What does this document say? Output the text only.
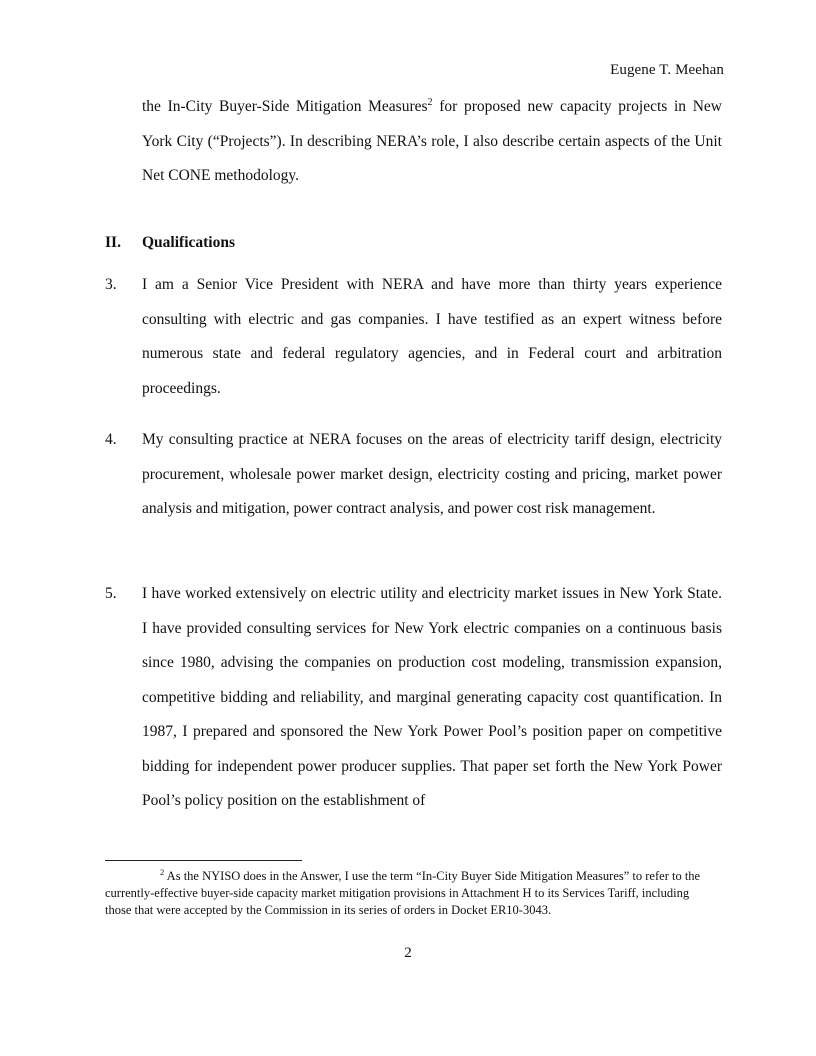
Eugene T. Meehan
the In-City Buyer-Side Mitigation Measures$^2$ for proposed new capacity projects in New York City (“Projects”). In describing NERA’s role, I also describe certain aspects of the Unit Net CONE methodology.
II. Qualifications
3. I am a Senior Vice President with NERA and have more than thirty years experience consulting with electric and gas companies. I have testified as an expert witness before numerous state and federal regulatory agencies, and in Federal court and arbitration proceedings.
4. My consulting practice at NERA focuses on the areas of electricity tariff design, electricity procurement, wholesale power market design, electricity costing and pricing, market power analysis and mitigation, power contract analysis, and power cost risk management.
5. I have worked extensively on electric utility and electricity market issues in New York State. I have provided consulting services for New York electric companies on a continuous basis since 1980, advising the companies on production cost modeling, transmission expansion, competitive bidding and reliability, and marginal generating capacity cost quantification. In 1987, I prepared and sponsored the New York Power Pool’s position paper on competitive bidding for independent power producer supplies. That paper set forth the New York Power Pool’s policy position on the establishment of
$^2$ As the NYISO does in the Answer, I use the term “In-City Buyer Side Mitigation Measures” to refer to the currently-effective buyer-side capacity market mitigation provisions in Attachment H to its Services Tariff, including those that were accepted by the Commission in its series of orders in Docket ER10-3043.
2
